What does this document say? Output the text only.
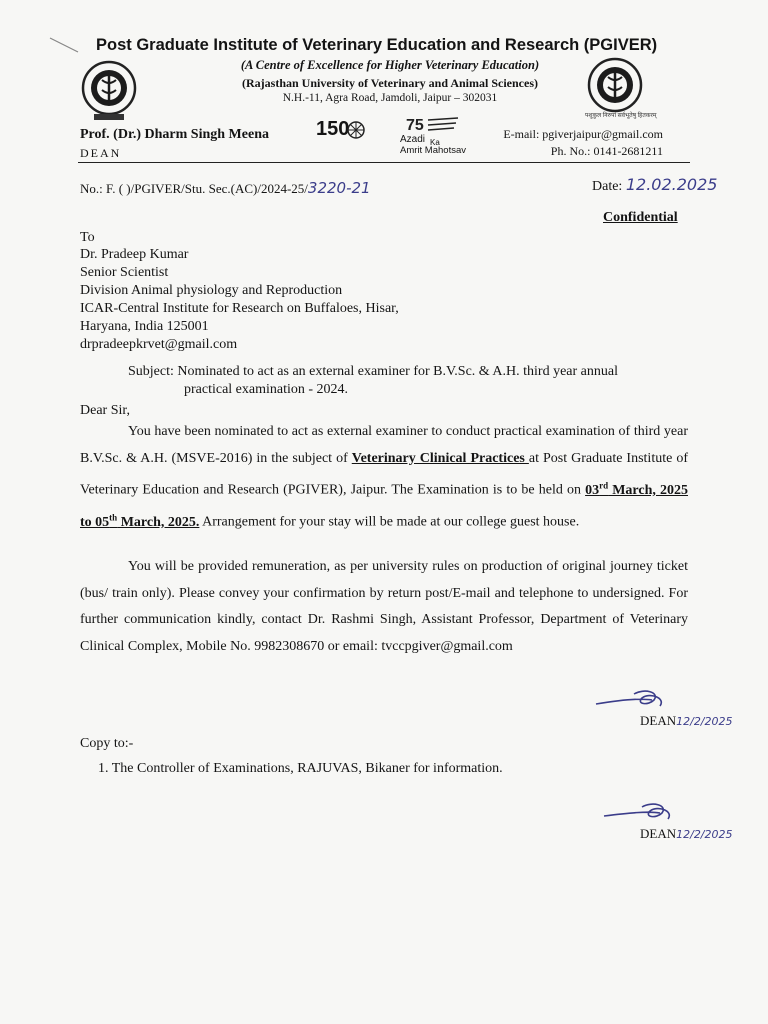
Post Graduate Institute of Veterinary Education and Research (PGIVER)
पशुकुल निरुपां सर्वभूतेषु हितकरम्
(A Centre of Excellence for Higher Veterinary Education)
(Rajasthan University of Veterinary and Animal Sciences)
N.H.-11, Agra Road, Jamdoli, Jaipur – 302031
Prof. (Dr.) Dharm Singh Meena
DEAN
150	75
Azadi Ka
Amrit Mahotsav
E-mail: pgiverjaipur@gmail.com
Ph. No.: 0141-2681211
No.: F. ( )/PGIVER/Stu. Sec.(AC)/2024-25/3220-21	Date: 12.02.2025
Confidential
To
Dr. Pradeep Kumar
Senior Scientist
Division Animal physiology and Reproduction
ICAR-Central Institute for Research on Buffaloes, Hisar,
Haryana, India 125001
drpradeepkrvet@gmail.com
Subject: Nominated to act as an external examiner for B.V.Sc. & A.H. third year annual
practical examination - 2024.
Dear Sir,
You have been nominated to act as external examiner to conduct practical examination of third year B.V.Sc. & A.H. (MSVE-2016) in the subject of Veterinary Clinical Practices at Post Graduate Institute of Veterinary Education and Research (PGIVER), Jaipur. The Examination is to be held on 03rd March, 2025 to 05th March, 2025. Arrangement for your stay will be made at our college guest house.
You will be provided remuneration, as per university rules on production of original journey ticket (bus/ train only). Please convey your confirmation by return post/E-mail and telephone to undersigned. For further communication kindly, contact Dr. Rashmi Singh, Assistant Professor, Department of Veterinary Clinical Complex, Mobile No. 9982308670 or email: tvccpgiver@gmail.com
DEAN12/2/2025
Copy to:-
1. The Controller of Examinations, RAJUVAS, Bikaner for information.
DEAN12/2/2025
